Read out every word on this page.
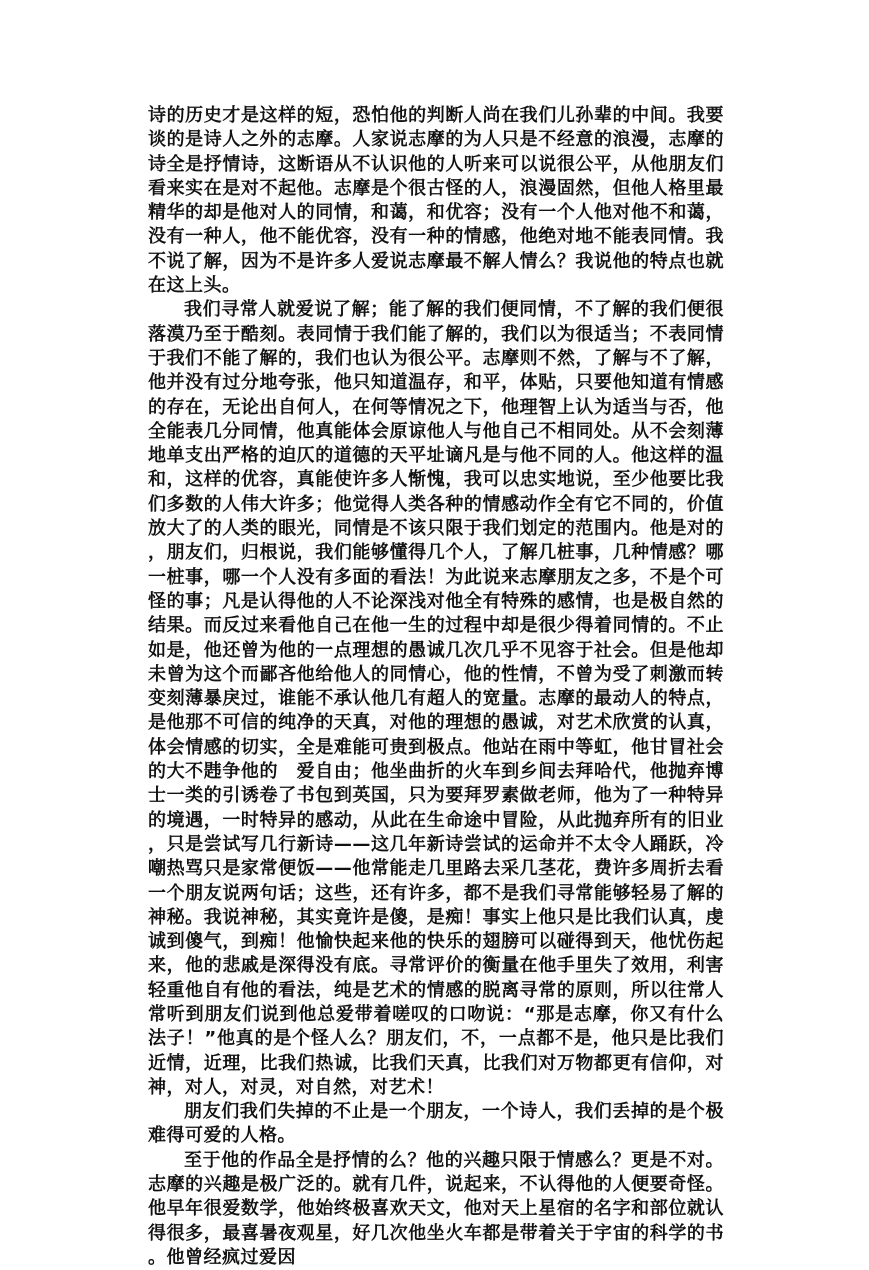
诗的历史才是这样的短，恐怕他的判断人尚在我们儿孙辈的中间。我要谈的是诗人之外的志摩。人家说志摩的为人只是不经意的浪漫，志摩的诗全是抒情诗，这断语从不认识他的人听来可以说很公平，从他朋友们看来实在是对不起他。志摩是个很古怪的人，浪漫固然，但他人格里最精华的却是他对人的同情，和蔼，和优容；没有一个人他对他不和蔼，没有一种人，他不能优容，没有一种的情感，他绝对地不能表同情。我不说了解，因为不是许多人爱说志摩最不解人情么？我说他的特点也就在这上头。

我们寻常人就爱说了解；能了解的我们便同情，不了解的我们便很落漠乃至于酷刻。表同情于我们能了解的，我们以为很适当；不表同情于我们不能了解的，我们也认为很公平。志摩则不然，了解与不了解，他并没有过分地夸张，他只知道温存，和平，体贴，只要他知道有情感的存在，无论出自何人，在何等情况之下，他理智上认为适当与否，他全能表几分同情，他真能体会原谅他人与他自己不相同处。从不会刻薄地单支出严格的迫仄的道德的天平址谪凡是与他不同的人。他这样的温和，这样的优容，真能使许多人惭愧，我可以忠实地说，至少他要比我们多数的人伟大许多；他觉得人类各种的情感动作全有它不同的，价值放大了的人类的眼光，同情是不该只限于我们划定的范围内。他是对的，朋友们，归根说，我们能够懂得几个人，了解几桩事，几种情感？哪一桩事，哪一个人没有多面的看法！为此说来志摩朋友之多，不是个可怪的事；凡是认得他的人不论深浅对他全有特殊的感情，也是极自然的结果。而反过来看他自己在他一生的过程中却是很少得着同情的。不止如是，他还曾为他的一点理想的愚诚几次几乎不见容于社会。但是他却未曾为这个而鄙吝他给他人的同情心，他的性情，不曾为受了刺激而转变刻薄暴戾过，谁能不承认他几有超人的宽量。志摩的最动人的特点，是他那不可信的纯净的天真，对他的理想的愚诚，对艺术欣赏的认真，体会情感的切实，全是难能可贵到极点。他站在雨中等虹，他甘冒社会的大不韪争他的　爱自由；他坐曲折的火车到乡间去拜哈代，他抛弃博士一类的引诱卷了书包到英国，只为要拜罗素做老师，他为了一种特异的境遇，一时特异的感动，从此在生命途中冒险，从此抛弃所有的旧业，只是尝试写几行新诗——这几年新诗尝试的运命并不太令人踊跃，冷嘲热骂只是家常便饭——他常能走几里路去采几茎花，费许多周折去看一个朋友说两句话；这些，还有许多，都不是我们寻常能够轻易了解的神秘。我说神秘，其实竟许是傻，是痴！事实上他只是比我们认真，虔诚到傻气，到痴！他愉快起来他的快乐的翅膀可以碰得到天，他忧伤起来，他的悲戚是深得没有底。寻常评价的衡量在他手里失了效用，利害轻重他自有他的看法，纯是艺术的情感的脱离寻常的原则，所以往常人常听到朋友们说到他总爱带着嗟叹的口吻说：“那是志摩，你又有什么法子！”他真的是个怪人么？朋友们，不，一点都不是，他只是比我们近情，近理，比我们热诚，比我们天真，比我们对万物都更有信仰，对神，对人，对灵，对自然，对艺术！

朋友们我们失掉的不止是一个朋友，一个诗人，我们丢掉的是个极难得可爱的人格。

至于他的作品全是抒情的么？他的兴趣只限于情感么？更是不对。志摩的兴趣是极广泛的。就有几件，说起来，不认得他的人便要奇怪。他早年很爱数学，他始终极喜欢天文，他对天上星宿的名字和部位就认得很多，最喜暑夜观星，好几次他坐火车都是带着关于宇宙的科学的书。他曾经疯过爱因
